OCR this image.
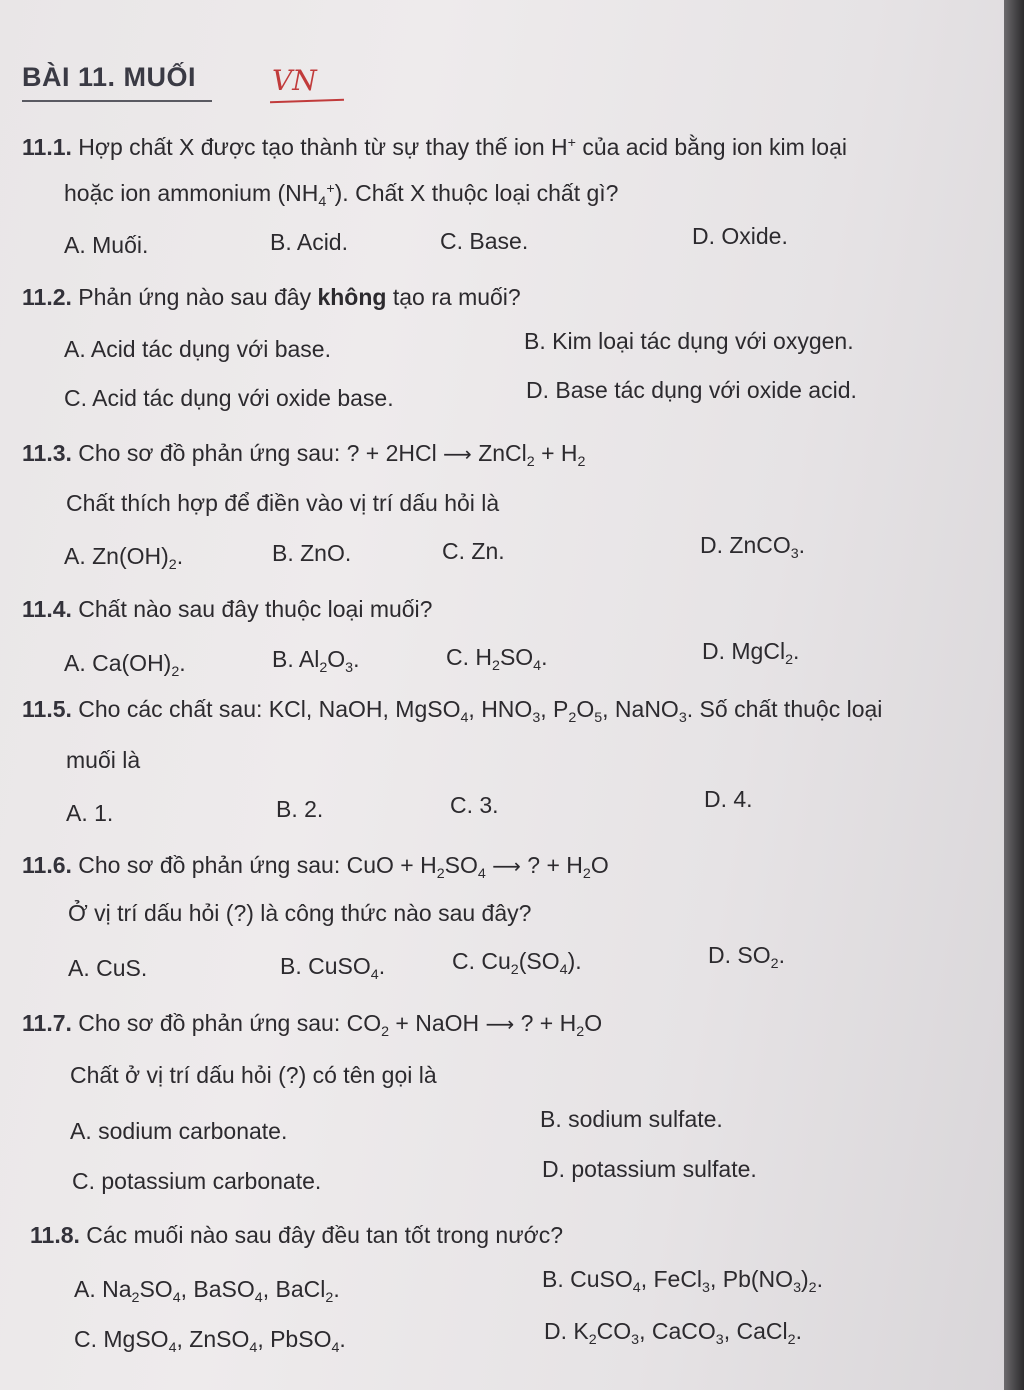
BÀI 11. MUỐI	VN
11.1. Hợp chất X được tạo thành từ sự thay thế ion H+ của acid bằng ion kim loại
hoặc ion ammonium $(NH_4^+)$. Chất X thuộc loại chất gì?
A. Muối.	B. Acid.	C. Base.	D. Oxide.
11.2. Phản ứng nào sau đây không tạo ra muối?
A. Acid tác dụng với base.	B. Kim loại tác dụng với oxygen.
C. Acid tác dụng với oxide base.	D. Base tác dụng với oxide acid.
11.3. Cho sơ đồ phản ứng sau: ? + 2HCl ⟶ ZnCl$_2$ + $H_2$
Chất thích hợp để điền vào vị trí dấu hỏi là
A. $Zn(OH)_2$.	B. ZnO.	C. Zn.	D. ZnCO$_3$.
11.4. Chất nào sau đây thuộc loại muối?
A. $Ca(OH)_2$.	B. $Al_2O_3$.	C. $H_2SO_4$.	D. MgCl$_2$.
11.5. Cho các chất sau: KCl, NaOH, MgSO$_4$, $HNO_3$, $P_2O_5$, NaNO$_3$. Số chất thuộc loại
muối là
A. 1.	B. 2.	C. 3.	D. 4.
11.6. Cho sơ đồ phản ứng sau: CuO + $H_2SO_4$ ⟶ ? + $H_2O$
Ở vị trí dấu hỏi (?) là công thức nào sau đây?
A. CuS.	B. CuSO$_4$.	C. $Cu_2(SO_4)$.	D. $SO_2$.
11.7. Cho sơ đồ phản ứng sau: $CO_2$ + NaOH ⟶ ? + $H_2O$
Chất ở vị trí dấu hỏi (?) có tên gọi là
A. sodium carbonate.	B. sodium sulfate.
C. potassium carbonate.	D. potassium sulfate.
11.8. Các muối nào sau đây đều tan tốt trong nước?
A. $Na_2SO_4$, BaSO$_4$, BaCl$_2$.	B. CuSO$_4$, FeCl$_3$, $Pb(NO_3)_2$.
C. MgSO$_4$, ZnSO$_4$, PbSO$_4$.	D. $K_2CO_3$, CaCO$_3$, CaCl$_2$.
